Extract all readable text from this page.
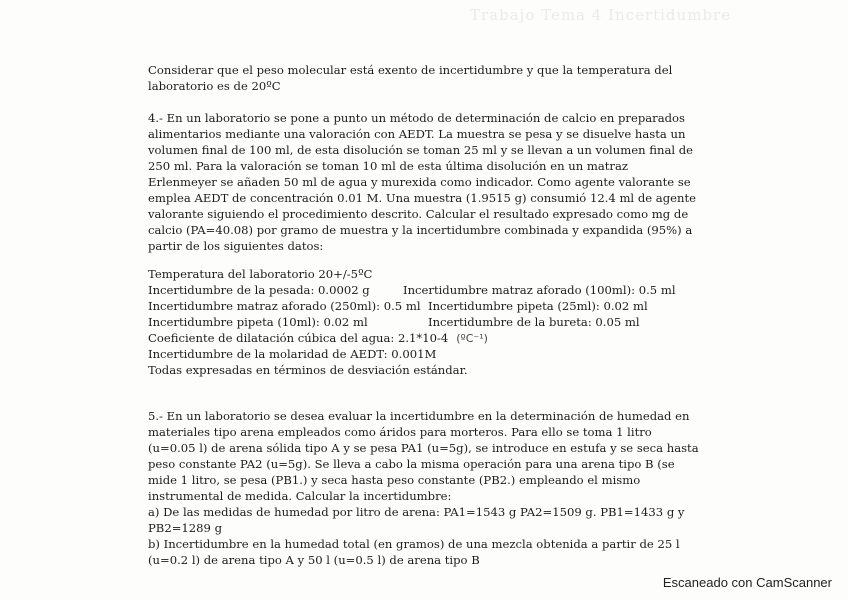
Trabajo Tema 4 Incertidumbre
Considerar que el peso molecular está exento de incertidumbre y que la temperatura del
laboratorio es de 20ºC
4.- En un laboratorio se pone a punto un método de determinación de calcio en preparados
alimentarios mediante una valoración con AEDT. La muestra se pesa y se disuelve hasta un
volumen final de 100 ml, de esta disolución se toman 25 ml y se llevan a un volumen final de
250 ml. Para la valoración se toman 10 ml de esta última disolución en un matraz
Erlenmeyer se añaden 50 ml de agua y murexida como indicador. Como agente valorante se
emplea AEDT de concentración 0.01 M. Una muestra (1.9515 g) consumió 12.4 ml de agente
valorante siguiendo el procedimiento descrito. Calcular el resultado expresado como mg de
calcio (PA=40.08) por gramo de muestra y la incertidumbre combinada y expandida (95%) a
partir de los siguientes datos:
Temperatura del laboratorio 20+/-5ºC
Incertidumbre de la pesada: 0.0002 g	Incertidumbre matraz aforado (100ml): 0.5 ml
Incertidumbre matraz aforado (250ml): 0.5 ml Incertidumbre pipeta (25ml): 0.02 ml
Incertidumbre pipeta (10ml): 0.02 ml	Incertidumbre de la bureta: 0.05 ml
Coeficiente de dilatación cúbica del agua: 2.1*10-4 (ºC⁻¹)
Incertidumbre de la molaridad de AEDT: 0.001M
Todas expresadas en términos de desviación estándar.
5.- En un laboratorio se desea evaluar la incertidumbre en la determinación de humedad en
materiales tipo arena empleados como áridos para morteros. Para ello se toma 1 litro
(u=0.05 l) de arena sólida tipo A y se pesa PA1 (u=5g), se introduce en estufa y se seca hasta
peso constante PA2 (u=5g). Se lleva a cabo la misma operación para una arena tipo B (se
mide 1 litro, se pesa (PB1.) y seca hasta peso constante (PB2.) empleando el mismo
instrumental de medida. Calcular la incertidumbre:
a) De las medidas de humedad por litro de arena: PA1=1543 g PA2=1509 g. PB1=1433 g y
PB2=1289 g
b) Incertidumbre en la humedad total (en gramos) de una mezcla obtenida a partir de 25 l
(u=0.2 l) de arena tipo A y 50 l (u=0.5 l) de arena tipo B
Escaneado con CamScanner
